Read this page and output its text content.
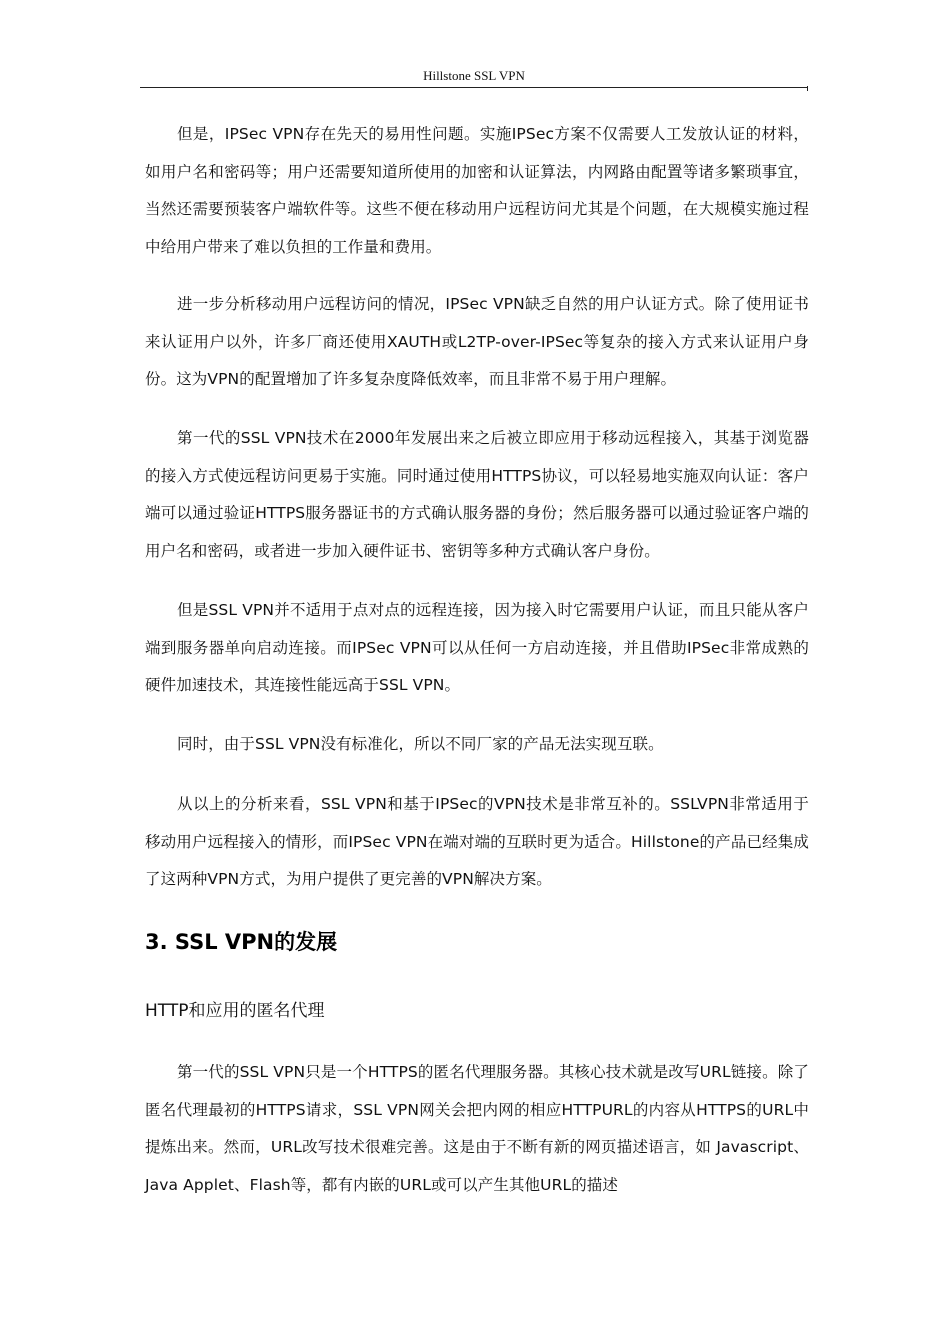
Hillstone SSL VPN

但是，IPSec VPN存在先天的易用性问题。实施IPSec方案不仅需要人工发放认证的材料，如用户名和密码等；用户还需要知道所使用的加密和认证算法，内网路由配置等诸多繁琐事宜，当然还需要预装客户端软件等。这些不便在移动用户远程访问尤其是个问题，在大规模实施过程中给用户带来了难以负担的工作量和费用。

进一步分析移动用户远程访问的情况，IPSec VPN缺乏自然的用户认证方式。除了使用证书来认证用户以外，许多厂商还使用XAUTH或L2TP-over-IPSec等复杂的接入方式来认证用户身份。这为VPN的配置增加了许多复杂度降低效率，而且非常不易于用户理解。

第一代的SSL VPN技术在2000年发展出来之后被立即应用于移动远程接入，其基于浏览器的接入方式使远程访问更易于实施。同时通过使用HTTPS协议，可以轻易地实施双向认证：客户端可以通过验证HTTPS服务器证书的方式确认服务器的身份；然后服务器可以通过验证客户端的用户名和密码，或者进一步加入硬件证书、密钥等多种方式确认客户身份。

但是SSL VPN并不适用于点对点的远程连接，因为接入时它需要用户认证，而且只能从客户端到服务器单向启动连接。而IPSec VPN可以从任何一方启动连接，并且借助IPSec非常成熟的硬件加速技术，其连接性能远高于SSL VPN。

同时，由于SSL VPN没有标准化，所以不同厂家的产品无法实现互联。

从以上的分析来看，SSL VPN和基于IPSec的VPN技术是非常互补的。SSLVPN非常适用于移动用户远程接入的情形，而IPSec VPN在端对端的互联时更为适合。Hillstone的产品已经集成了这两种VPN方式，为用户提供了更完善的VPN解决方案。

3. SSL VPN的发展
HTTP和应用的匿名代理

第一代的SSL VPN只是一个HTTPS的匿名代理服务器。其核心技术就是改写URL链接。除了匿名代理最初的HTTPS请求，SSL VPN网关会把内网的相应HTTPURL的内容从HTTPS的URL中提炼出来。然而，URL改写技术很难完善。这是由于不断有新的网页描述语言，如 Javascript、Java Applet、Flash等，都有内嵌的URL或可以产生其他URL的描述
